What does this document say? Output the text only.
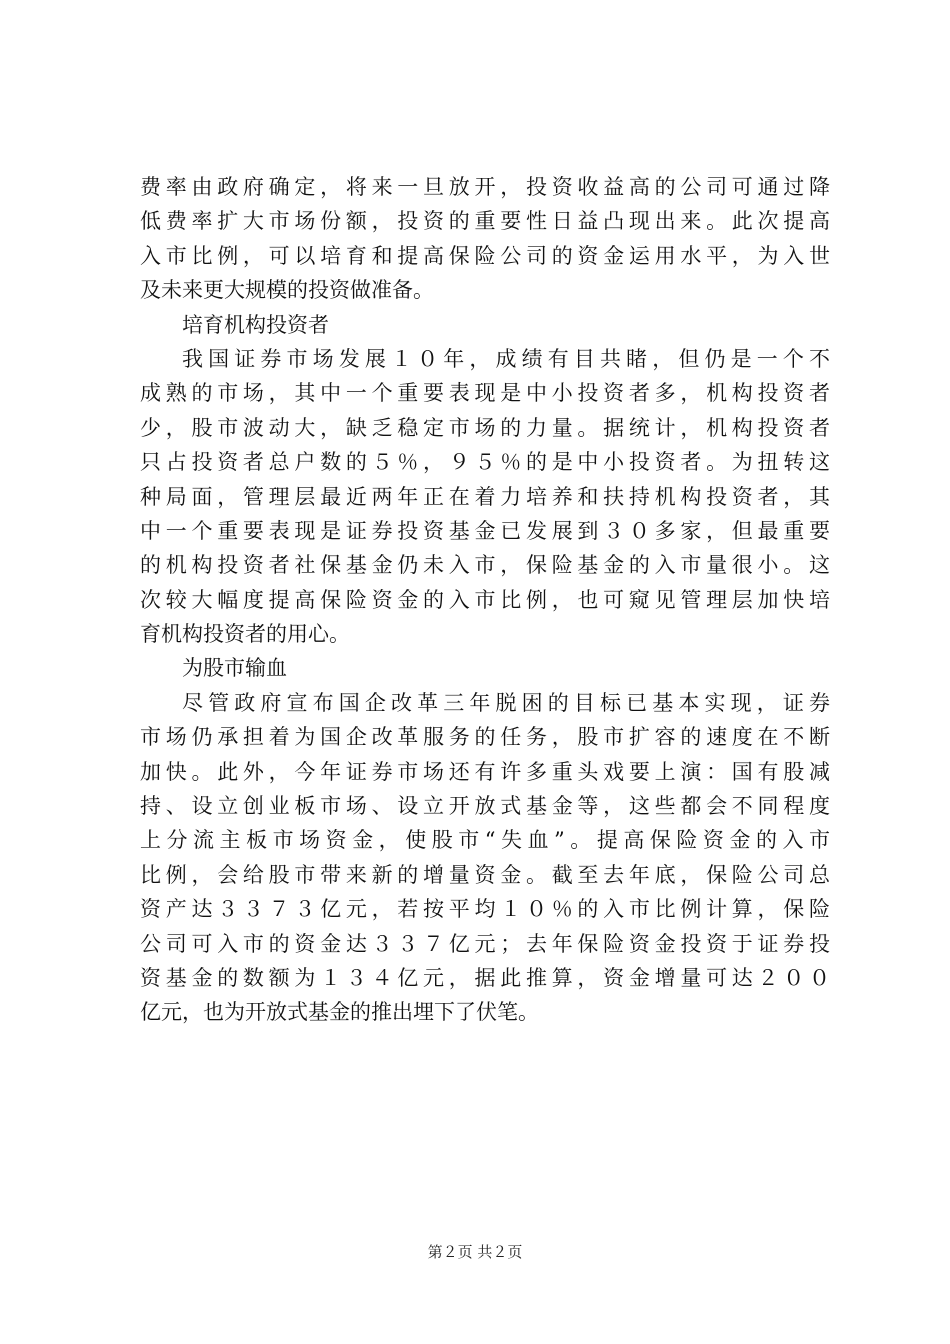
费率由政府确定，将来一旦放开，投资收益高的公司可通过降
低费率扩大市场份额，投资的重要性日益凸现出来。此次提高
入市比例，可以培育和提高保险公司的资金运用水平，为入世
及未来更大规模的投资做准备。
培育机构投资者
我国证券市场发展１０年，成绩有目共睹，但仍是一个不
成熟的市场，其中一个重要表现是中小投资者多，机构投资者
少，股市波动大，缺乏稳定市场的力量。据统计，机构投资者
只占投资者总户数的５％，９５％的是中小投资者。为扭转这
种局面，管理层最近两年正在着力培养和扶持机构投资者，其
中一个重要表现是证券投资基金已发展到３０多家，但最重要
的机构投资者社保基金仍未入市，保险基金的入市量很小。这
次较大幅度提高保险资金的入市比例，也可窥见管理层加快培
育机构投资者的用心。
为股市输血
尽管政府宣布国企改革三年脱困的目标已基本实现，证券
市场仍承担着为国企改革服务的任务，股市扩容的速度在不断
加快。此外，今年证券市场还有许多重头戏要上演：国有股减
持、设立创业板市场、设立开放式基金等，这些都会不同程度
上分流主板市场资金，使股市“失血”。提高保险资金的入市
比例，会给股市带来新的增量资金。截至去年底，保险公司总
资产达３３７３亿元，若按平均１０％的入市比例计算，保险
公司可入市的资金达３３７亿元；去年保险资金投资于证券投
资基金的数额为１３４亿元，据此推算，资金增量可达２００
亿元，也为开放式基金的推出埋下了伏笔。
第２页 共２页
